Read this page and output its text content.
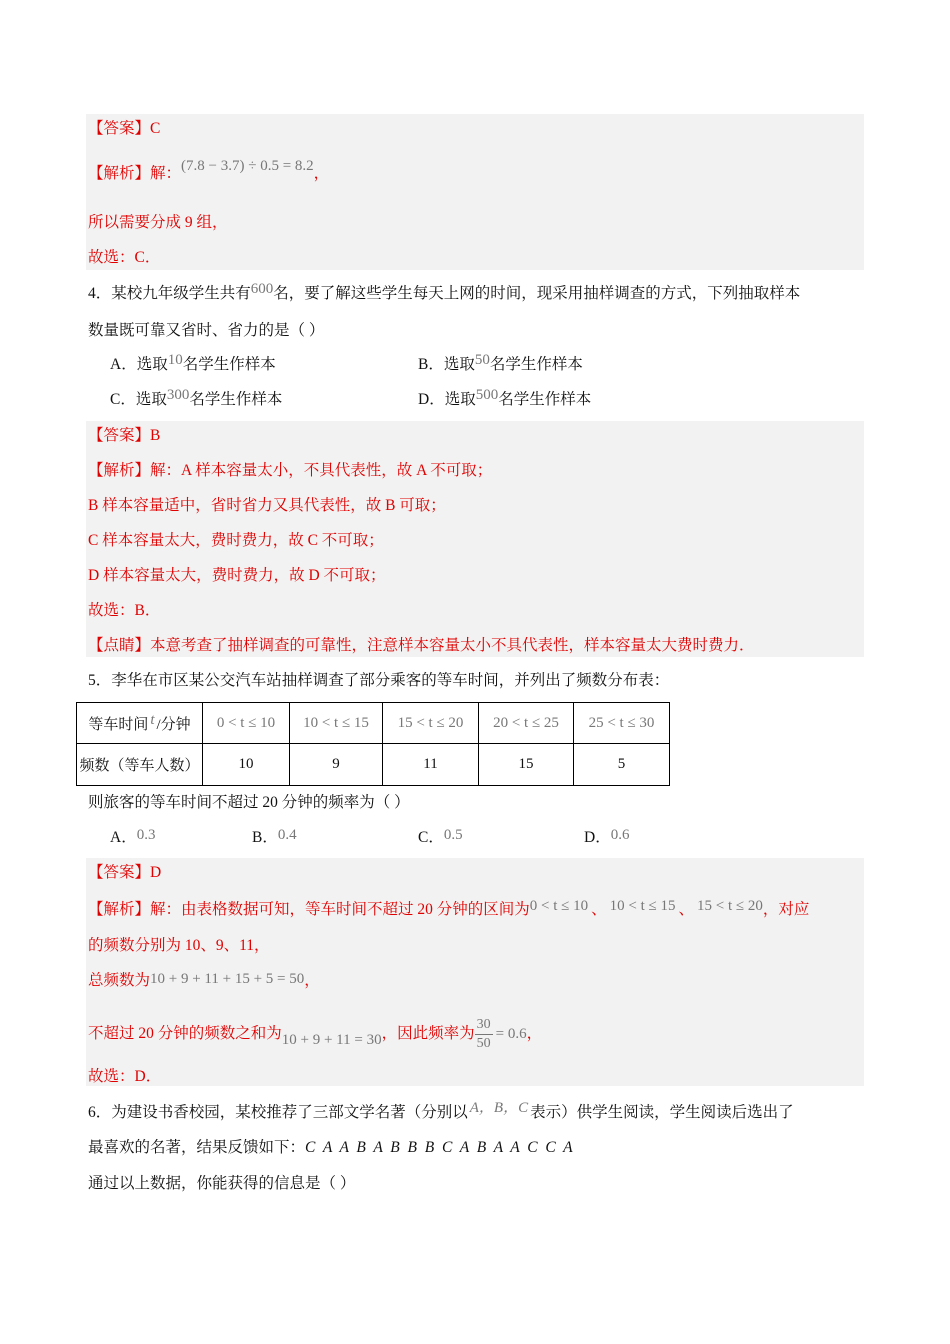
【答案】C
【解析】解：(7.8 − 3.7) ÷ 0.5 = 8.2，
所以需要分成 9 组，
故选：C．
4．某校九年级学生共有600名，要了解这些学生每天上网的时间，现采用抽样调查的方式，下列抽取样本
数量既可靠又省时、省力的是（ ）
A．选取10名学生作样本	B．选取50名学生作样本
C．选取300名学生作样本	D．选取500名学生作样本
【答案】B
【解析】解：A 样本容量太小，不具代表性，故 A 不可取；
B 样本容量适中，省时省力又具代表性，故 B 可取；
C 样本容量太大，费时费力，故 C 不可取；
D 样本容量太大，费时费力，故 D 不可取；
故选：B．
【点睛】本意考查了抽样调查的可靠性，注意样本容量太小不具代表性，样本容量太大费时费力．
5．李华在市区某公交汽车站抽样调查了部分乘客的等车时间，并列出了频数分布表：
等车时间 t /分钟	0 < t ≤ 10	10 < t ≤ 15	15 < t ≤ 20	20 < t ≤ 25	25 < t ≤ 30
频数（等车人数）	10	9	11	15	5
则旅客的等车时间不超过 20 分钟的频率为（ ）
A．0.3	B．0.4	C．0.5	D．0.6
【答案】D
【解析】解：由表格数据可知，等车时间不超过 20 分钟的区间为0 < t ≤ 10 、 10 < t ≤ 15 、 15 < t ≤ 20，对应
的频数分别为 10、9、11，
总频数为10 + 9 + 11 + 15 + 5 = 50，
不超过 20 分钟的频数之和为10 + 9 + 11 = 30，因此频率为 $\frac{30}{50} = 0.6$，
故选：D．
6．为建设书香校园，某校推荐了三部文学名著（分别以 A，B，C 表示）供学生阅读，学生阅读后选出了
最喜欢的名著，结果反馈如下：C  A  A  B  A  B  B  B  C  A  B  A  A  C  C  A
通过以上数据，你能获得的信息是（ ）
